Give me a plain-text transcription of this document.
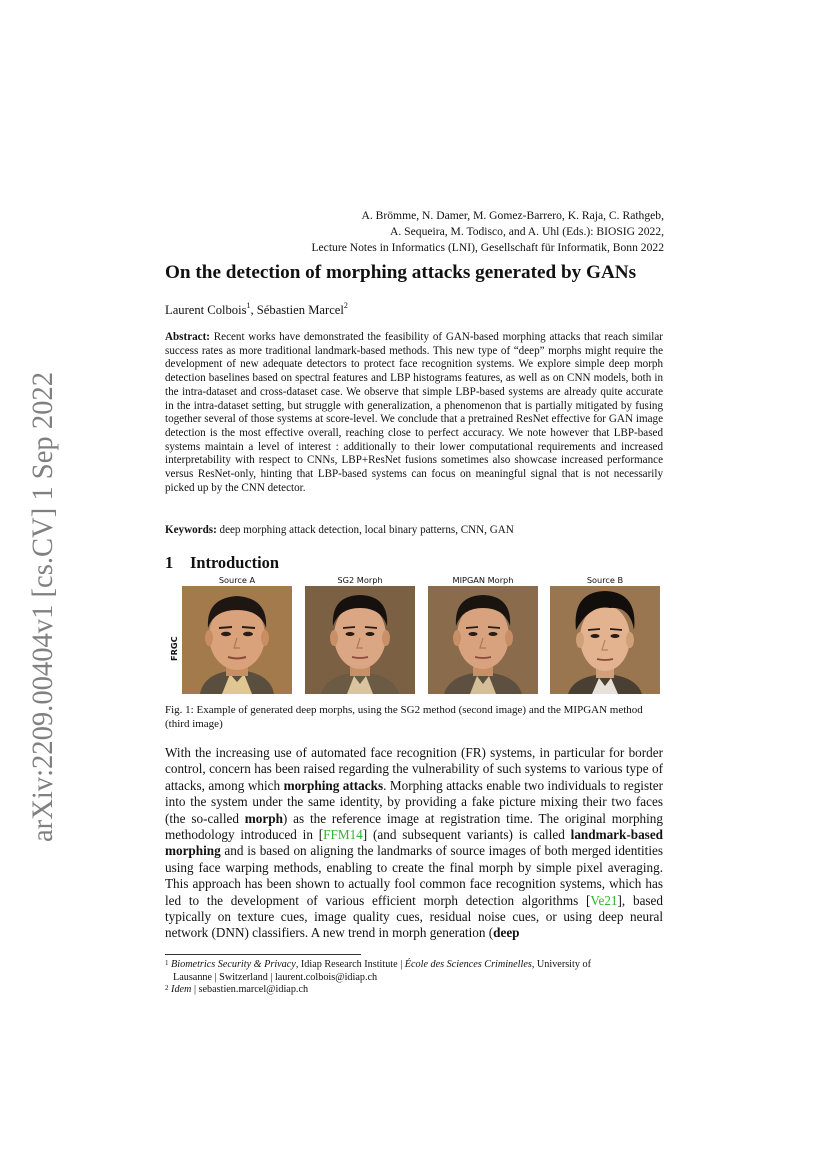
arXiv:2209.00404v1 [cs.CV] 1 Sep 2022
A. Brömme, N. Damer, M. Gomez-Barrero, K. Raja, C. Rathgeb,
A. Sequeira, M. Todisco, and A. Uhl (Eds.): BIOSIG 2022,
Lecture Notes in Informatics (LNI), Gesellschaft für Informatik, Bonn 2022
On the detection of morphing attacks generated by GANs
Laurent Colbois$^1$, Sébastien Marcel$^2$
Abstract: Recent works have demonstrated the feasibility of GAN-based morphing attacks that reach similar success rates as more traditional landmark-based methods. This new type of “deep” morphs might require the development of new adequate detectors to protect face recognition systems. We explore simple deep morph detection baselines based on spectral features and LBP histograms features, as well as on CNN models, both in the intra-dataset and cross-dataset case. We observe that simple LBP-based systems are already quite accurate in the intra-dataset setting, but struggle with generalization, a phenomenon that is partially mitigated by fusing together several of those systems at score-level. We conclude that a pretrained ResNet effective for GAN image detection is the most effective overall, reaching close to perfect accuracy. We note however that LBP-based systems maintain a level of interest : additionally to their lower computational requirements and increased interpretability with respect to CNNs, LBP+ResNet fusions sometimes also showcase increased performance versus ResNet-only, hinting that LBP-based systems can focus on meaningful signal that is not necessarily picked up by the CNN detector.
Keywords: deep morphing attack detection, local binary patterns, CNN, GAN
1 Introduction
Source A	SG2 Morph	MIPGAN Morph	Source B
FRGC
Fig. 1: Example of generated deep morphs, using the SG2 method (second image) and the MIPGAN method (third image)
With the increasing use of automated face recognition (FR) systems, in particular for border control, concern has been raised regarding the vulnerability of such systems to various type of attacks, among which morphing attacks. Morphing attacks enable two individuals to register into the system under the same identity, by providing a fake picture mixing their two faces (the so-called morph) as the reference image at registration time. The original morphing methodology introduced in [FFM14] (and subsequent variants) is called landmark-based morphing and is based on aligning the landmarks of source images of both merged identities using face warping methods, enabling to create the final morph by simple pixel averaging. This approach has been shown to actually fool common face recognition systems, which has led to the development of various efficient morph detection algorithms [Ve21], based typically on texture cues, image quality cues, residual noise cues, or using deep neural network (DNN) classifiers. A new trend in morph generation (deep
$^1$ Biometrics Security & Privacy, Idiap Research Institute | École des Sciences Criminelles, University of
Lausanne | Switzerland | laurent.colbois@idiap.ch
$^2$ Idem | sebastien.marcel@idiap.ch
